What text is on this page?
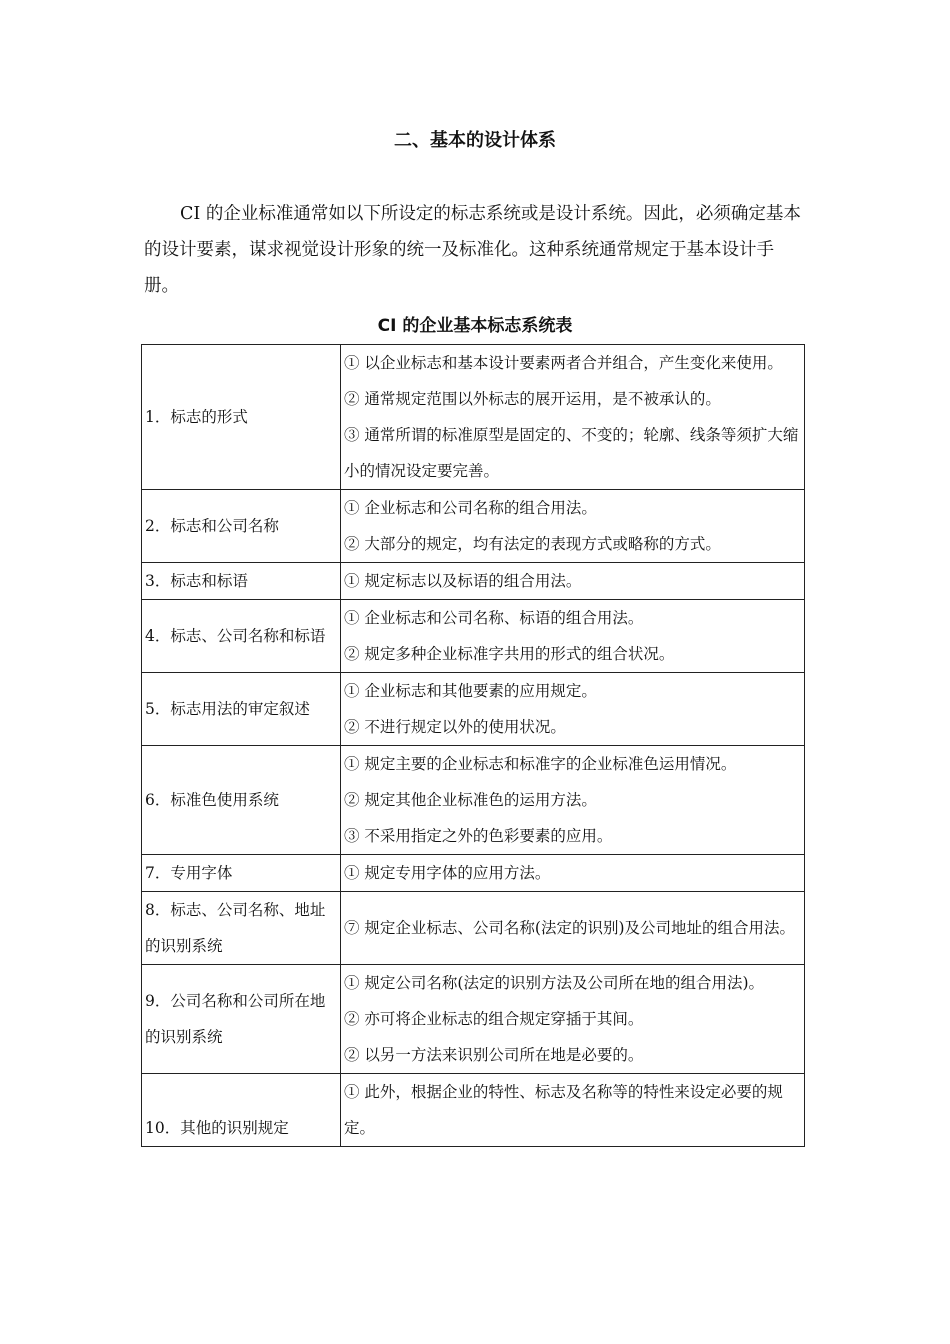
二、基本的设计体系

CI 的企业标准通常如以下所设定的标志系统或是设计系统。因此，必须确定基本的设计要素，谋求视觉设计形象的统一及标准化。这种系统通常规定于基本设计手册。

CI 的企业基本标志系统表
1．标志的形式	① 以企业标志和基本设计要素两者合并组合，产生变化来使用。
② 通常规定范围以外标志的展开运用，是不被承认的。
③ 通常所谓的标准原型是固定的、不变的；轮廓、线条等须扩大缩小的情况设定要完善。

2．标志和公司名称	① 企业标志和公司名称的组合用法。
② 大部分的规定，均有法定的表现方式或略称的方式。

3．标志和标语	① 规定标志以及标语的组合用法。

4．标志、公司名称和标语	① 企业标志和公司名称、标语的组合用法。
② 规定多种企业标准字共用的形式的组合状况。

5．标志用法的审定叙述	① 企业标志和其他要素的应用规定。
② 不进行规定以外的使用状况。

6．标准色使用系统	① 规定主要的企业标志和标准字的企业标准色运用情况。
② 规定其他企业标准色的运用方法。
③ 不采用指定之外的色彩要素的应用。

7．专用字体	① 规定专用字体的应用方法。

8．标志、公司名称、地址的识别系统	⑦ 规定企业标志、公司名称(法定的识别)及公司地址的组合用法。

9．公司名称和公司所在地的识别系统	① 规定公司名称(法定的识别方法及公司所在地的组合用法)。
② 亦可将企业标志的组合规定穿插于其间。
② 以另一方法来识别公司所在地是必要的。

10．其他的识别规定	① 此外，根据企业的特性、标志及名称等的特性来设定必要的规
定。
